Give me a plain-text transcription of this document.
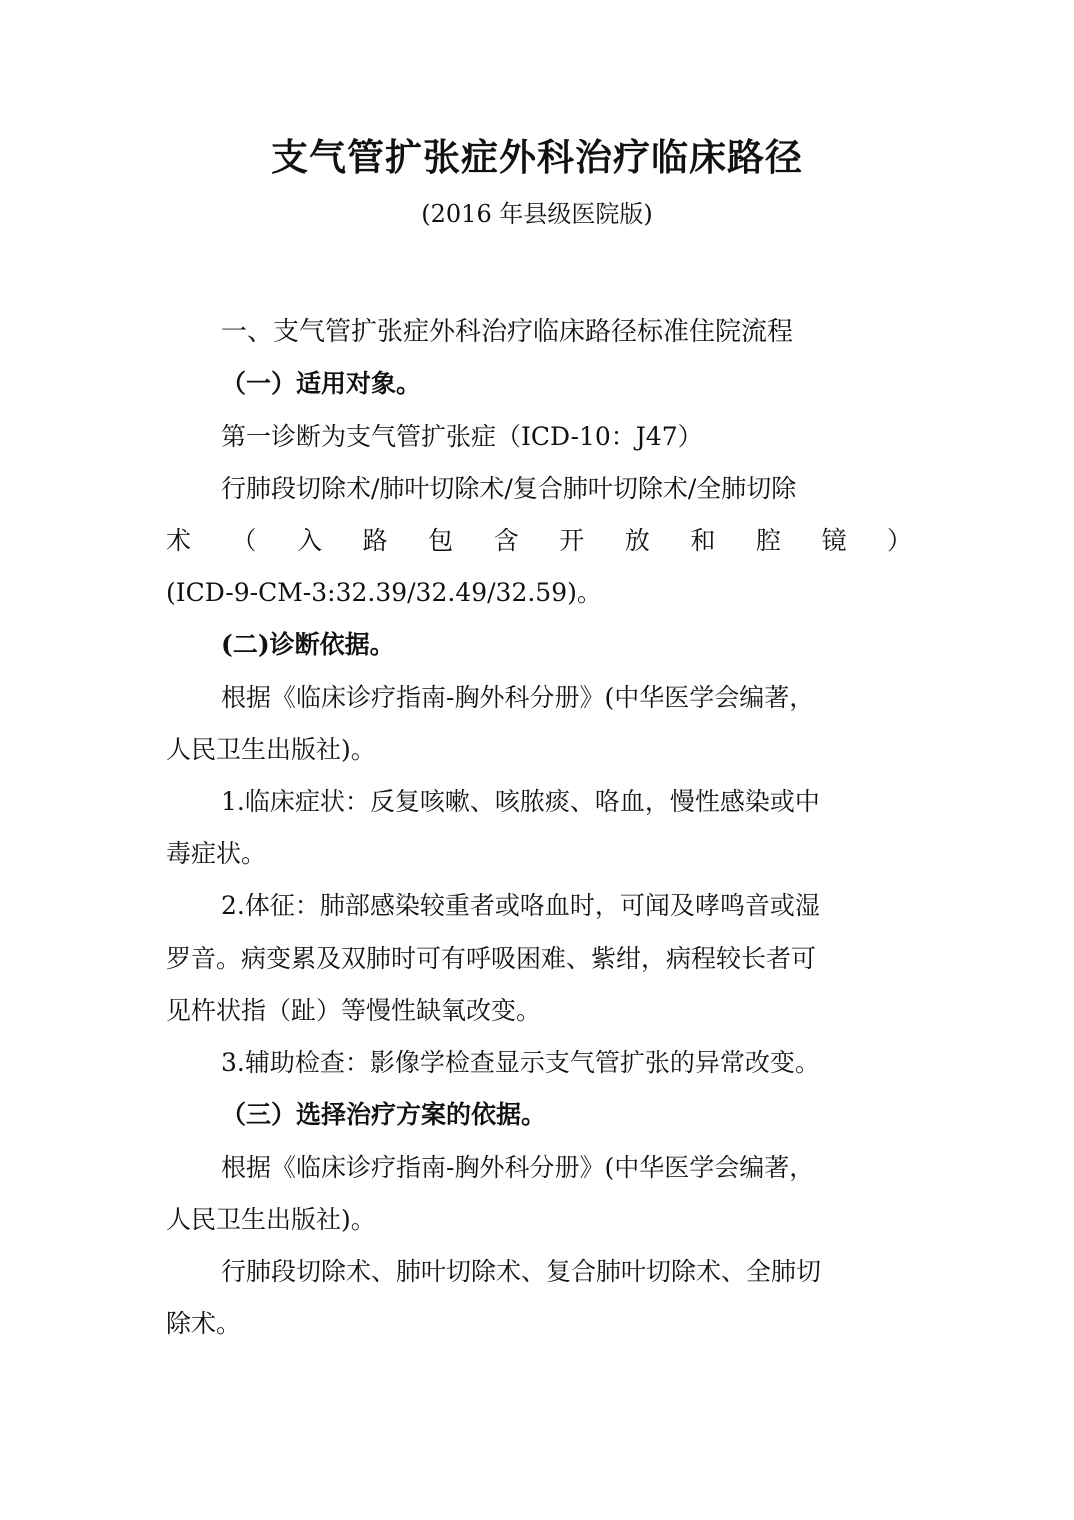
支气管扩张症外科治疗临床路径
(2016 年县级医院版)
一、支气管扩张症外科治疗临床路径标准住院流程
（一）适用对象。
第一诊断为支气管扩张症（ICD-10：J47）
行肺段切除术/肺叶切除术/复合肺叶切除术/全肺切除
术（入路包含开放和腔镜）
(ICD-9-CM-3:32.39/32.49/32.59)。
(二)诊断依据。
根据《临床诊疗指南-胸外科分册》(中华医学会编著，
人民卫生出版社)。
1.临床症状：反复咳嗽、咳脓痰、咯血，慢性感染或中
毒症状。
2.体征：肺部感染较重者或咯血时，可闻及哮鸣音或湿
罗音。病变累及双肺时可有呼吸困难、紫绀，病程较长者可
见杵状指（趾）等慢性缺氧改变。
3.辅助检查：影像学检查显示支气管扩张的异常改变。
（三）选择治疗方案的依据。
根据《临床诊疗指南-胸外科分册》(中华医学会编著，
人民卫生出版社)。
行肺段切除术、肺叶切除术、复合肺叶切除术、全肺切
除术。
